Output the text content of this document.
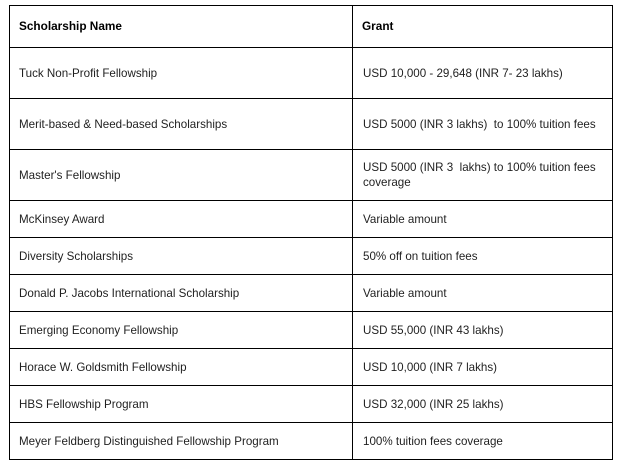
Scholarship Name	Grant
Tuck Non-Profit Fellowship	USD 10,000 - 29,648 (INR 7- 23 lakhs)
Merit-based & Need-based Scholarships	USD 5000 (INR 3 lakhs)  to 100% tuition fees
Master's Fellowship	USD 5000 (INR 3  lakhs) to 100% tuition fees coverage
McKinsey Award	Variable amount
Diversity Scholarships	50% off on tuition fees
Donald P. Jacobs International Scholarship	Variable amount
Emerging Economy Fellowship	USD 55,000 (INR 43 lakhs)
Horace W. Goldsmith Fellowship	USD 10,000 (INR 7 lakhs)
HBS Fellowship Program	USD 32,000 (INR 25 lakhs)
Meyer Feldberg Distinguished Fellowship Program	100% tuition fees coverage
